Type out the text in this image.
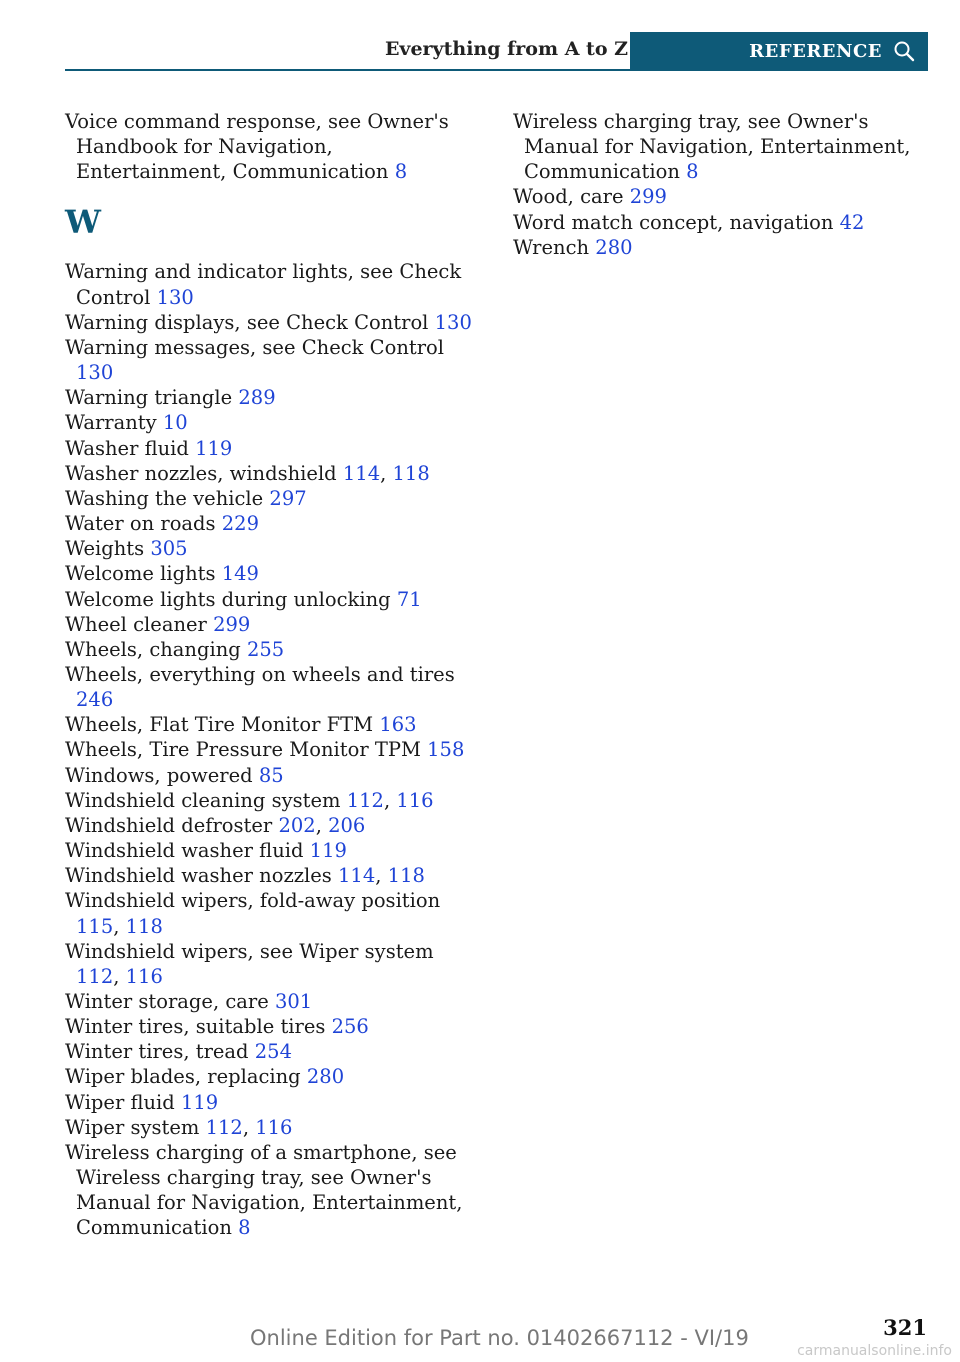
Everything from A to Z	REFERENCE
Voice command response, see Owner's Handbook for Navigation, Entertainment, Communication 8
W
Warning and indicator lights, see Check Control 130
Warning displays, see Check Control 130
Warning messages, see Check Control 130
Warning triangle 289
Warranty 10
Washer fluid 119
Washer nozzles, windshield 114, 118
Washing the vehicle 297
Water on roads 229
Weights 305
Welcome lights 149
Welcome lights during unlocking 71
Wheel cleaner 299
Wheels, changing 255
Wheels, everything on wheels and tires 246
Wheels, Flat Tire Monitor FTM 163
Wheels, Tire Pressure Monitor TPM 158
Windows, powered 85
Windshield cleaning system 112, 116
Windshield defroster 202, 206
Windshield washer fluid 119
Windshield washer nozzles 114, 118
Windshield wipers, fold-away position 115, 118
Windshield wipers, see Wiper system 112, 116
Winter storage, care 301
Winter tires, suitable tires 256
Winter tires, tread 254
Wiper blades, replacing 280
Wiper fluid 119
Wiper system 112, 116
Wireless charging of a smartphone, see Wireless charging tray, see Owner's Manual for Navigation, Entertainment, Communication 8
Wireless charging tray, see Owner's Manual for Navigation, Entertainment, Communication 8
Wood, care 299
Word match concept, navigation 42
Wrench 280
321
Online Edition for Part no. 01402667112 - VI/19
carmanualsonline.info
